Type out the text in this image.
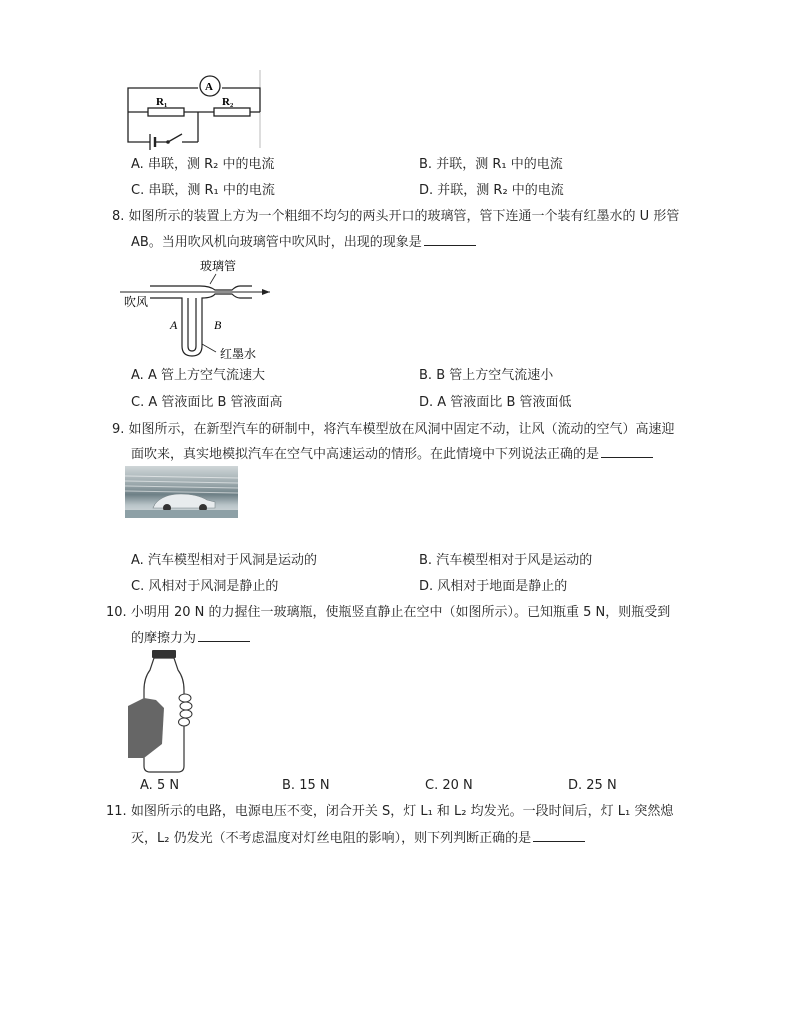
A
R₁	R₂
A. 串联，测 R₂ 中的电流	B. 并联，测 R₁ 中的电流
C. 串联，测 R₁ 中的电流	D. 并联，测 R₂ 中的电流
8. 如图所示的装置上方为一个粗细不均匀的两头开口的玻璃管，管下连通一个装有红墨水的 U 形管
AB。当用吹风机向玻璃管中吹风时，出现的现象是
玻璃管
吹风
A	B
红墨水
A. A 管上方空气流速大	B. B 管上方空气流速小
C. A 管液面比 B 管液面高	D. A 管液面比 B 管液面低
9. 如图所示，在新型汽车的研制中，将汽车模型放在风洞中固定不动，让风（流动的空气）高速迎
面吹来，真实地模拟汽车在空气中高速运动的情形。在此情境中下列说法正确的是
A. 汽车模型相对于风洞是运动的	B. 汽车模型相对于风是运动的
C. 风相对于风洞是静止的	D. 风相对于地面是静止的
10. 小明用 20 N 的力握住一玻璃瓶，使瓶竖直静止在空中（如图所示）。已知瓶重 5 N，则瓶受到
的摩擦力为
A. 5 N	B. 15 N	C. 20 N	D. 25 N
11. 如图所示的电路，电源电压不变，闭合开关 S，灯 L₁ 和 L₂ 均发光。一段时间后，灯 L₁ 突然熄
灭，L₂ 仍发光（不考虑温度对灯丝电阻的影响），则下列判断正确的是
